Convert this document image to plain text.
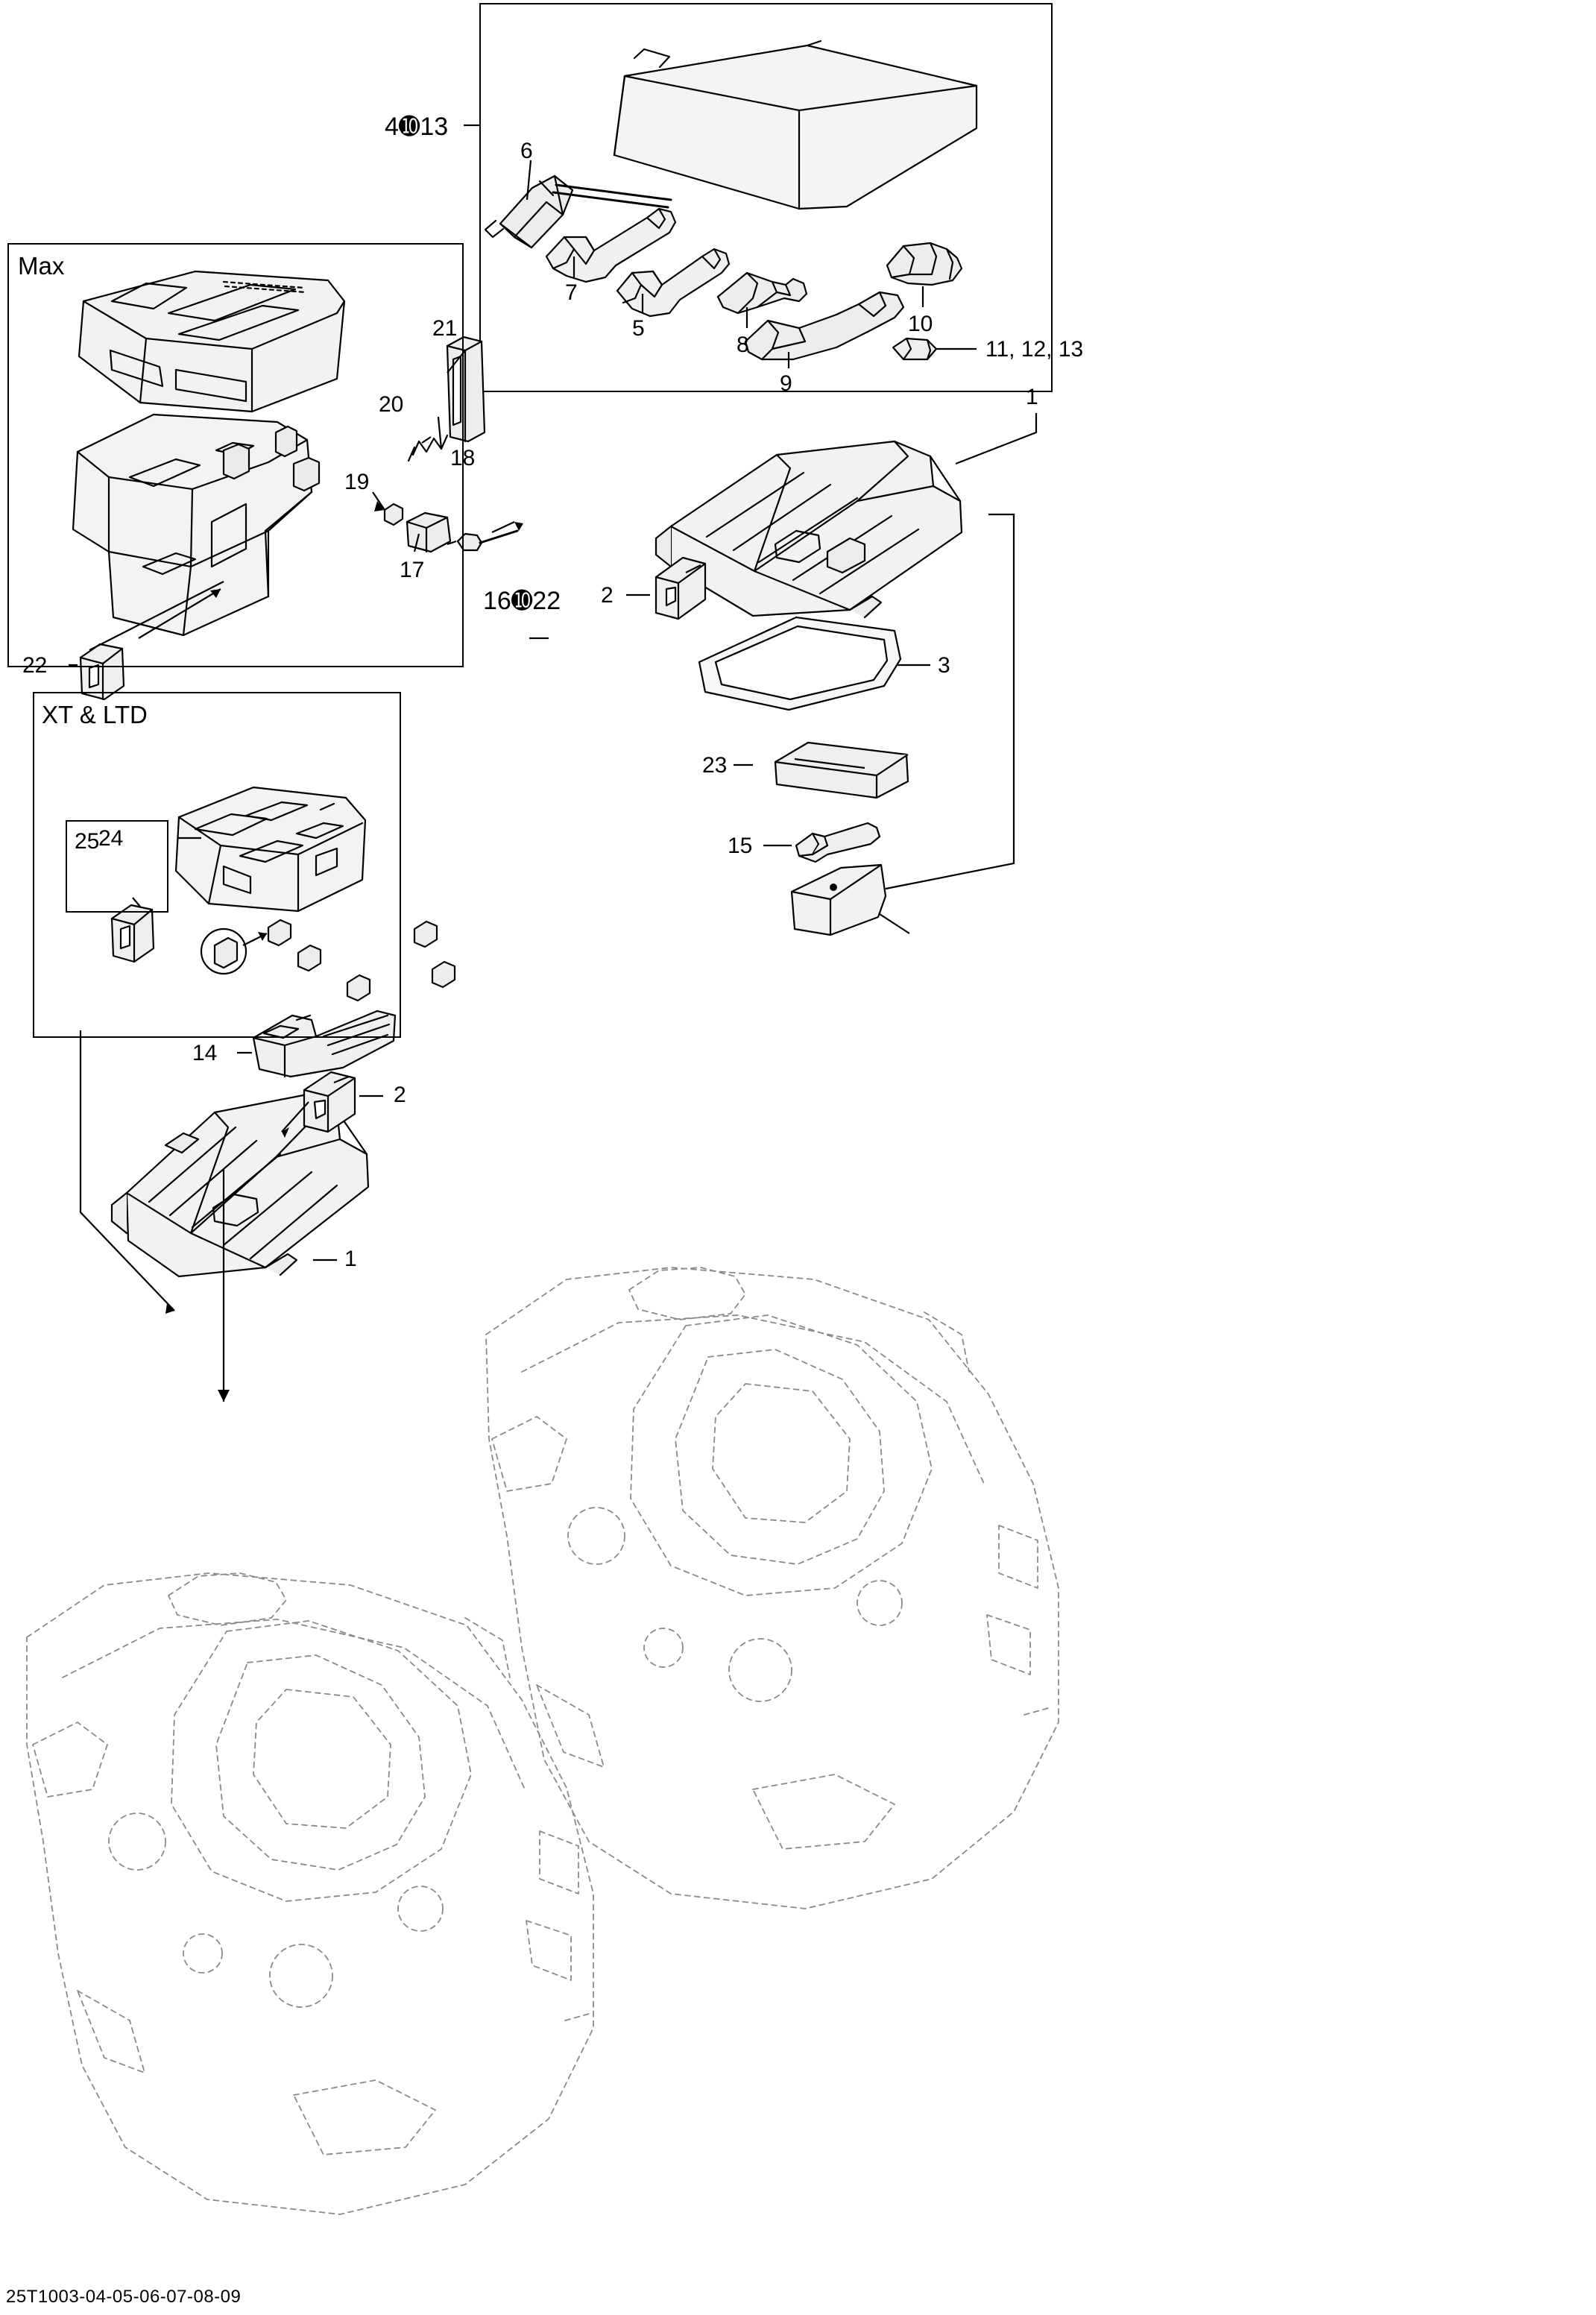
Max
XT & LTD
4➓13
6
7
5
8
9
10
11, 12, 13
1
2
3
23
15
16➓22
21
20
19
18
17
22
24
25
14
2
1
25T1003-04-05-06-07-08-09
